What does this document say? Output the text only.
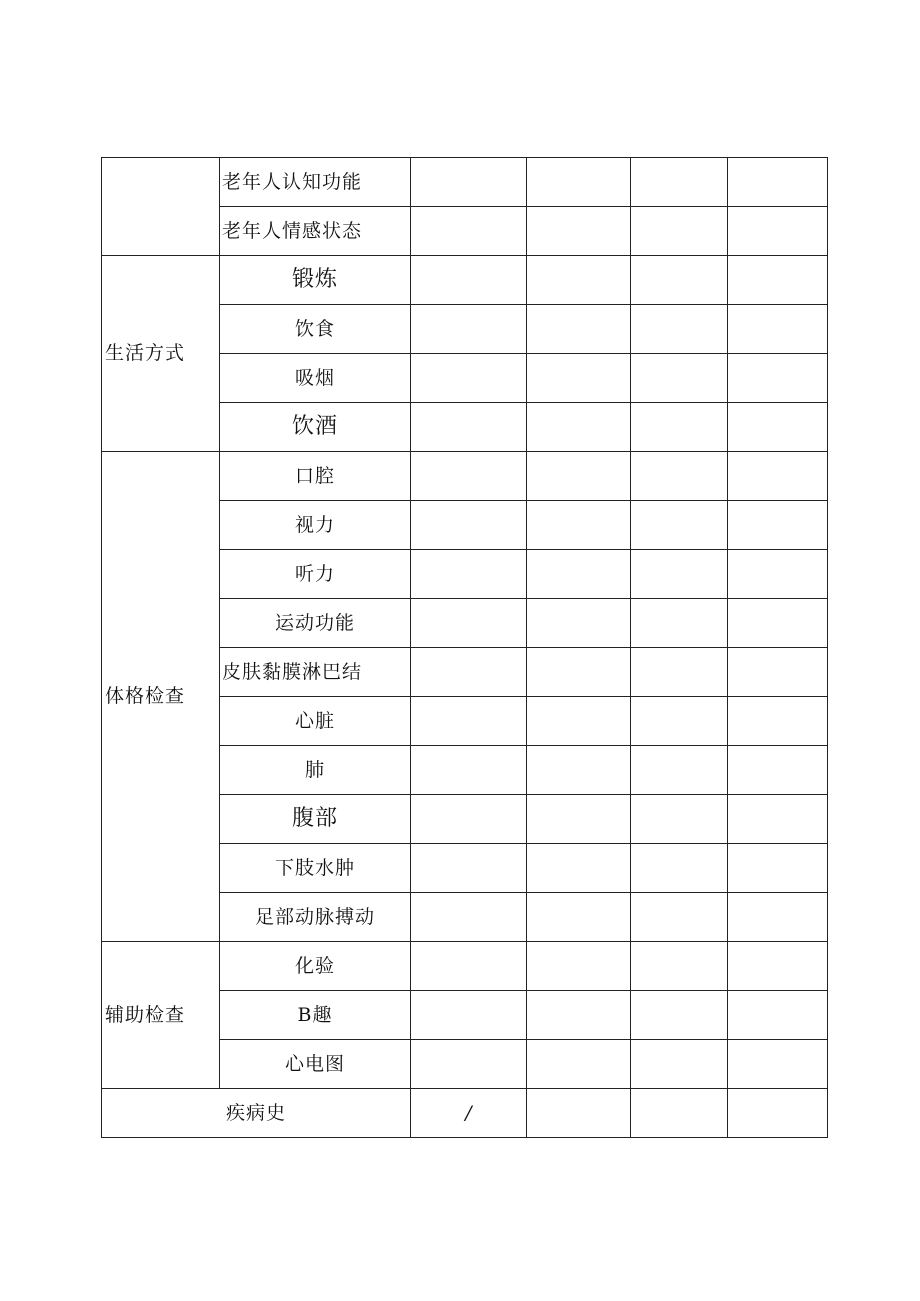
	老年人认知功能				
	老年人情感状态				
生活方式	锻炼				
	饮食				
	吸烟				
	饮酒				
体格检查	口腔				
	视力				
	听力				
	运动功能				
	皮肤黏膜淋巴结				
	心脏				
	肺				
	腹部				
	下肢水肿				
	足部动脉搏动				
辅助检查	化验				
	B趣				
	心电图				
疾病史		/			
